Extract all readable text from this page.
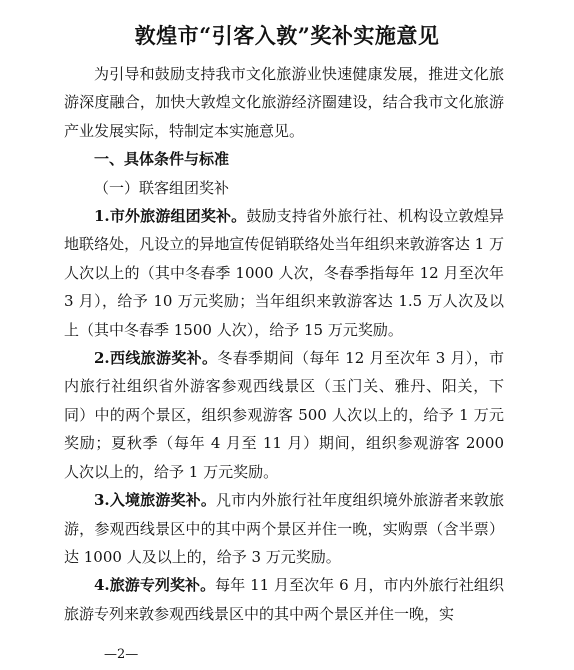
敦煌市“引客入敦”奖补实施意见

为引导和鼓励支持我市文化旅游业快速健康发展，推进文化旅游深度融合，加快大敦煌文化旅游经济圈建设，结合我市文化旅游产业发展实际，特制定本实施意见。

一、具体条件与标准

（一）联客组团奖补

1.市外旅游组团奖补。鼓励支持省外旅行社、机构设立敦煌异地联络处，凡设立的异地宣传促销联络处当年组织来敦游客达 1 万人次以上的（其中冬春季 1000 人次，冬春季指每年 12 月至次年 3 月），给予 10 万元奖励；当年组织来敦游客达 1.5 万人次及以上（其中冬春季 1500 人次），给予 15 万元奖励。

2.西线旅游奖补。冬春季期间（每年 12 月至次年 3 月），市内旅行社组织省外游客参观西线景区（玉门关、雅丹、阳关，下同）中的两个景区，组织参观游客 500 人次以上的，给予 1 万元奖励；夏秋季（每年 4 月至 11 月）期间，组织参观游客 2000 人次以上的，给予 1 万元奖励。

3.入境旅游奖补。凡市内外旅行社年度组织境外旅游者来敦旅游，参观西线景区中的其中两个景区并住一晚，实购票（含半票）达 1000 人及以上的，给予 3 万元奖励。

4.旅游专列奖补。每年 11 月至次年 6 月，市内外旅行社组织旅游专列来敦参观西线景区中的其中两个景区并住一晚，实

—2—
